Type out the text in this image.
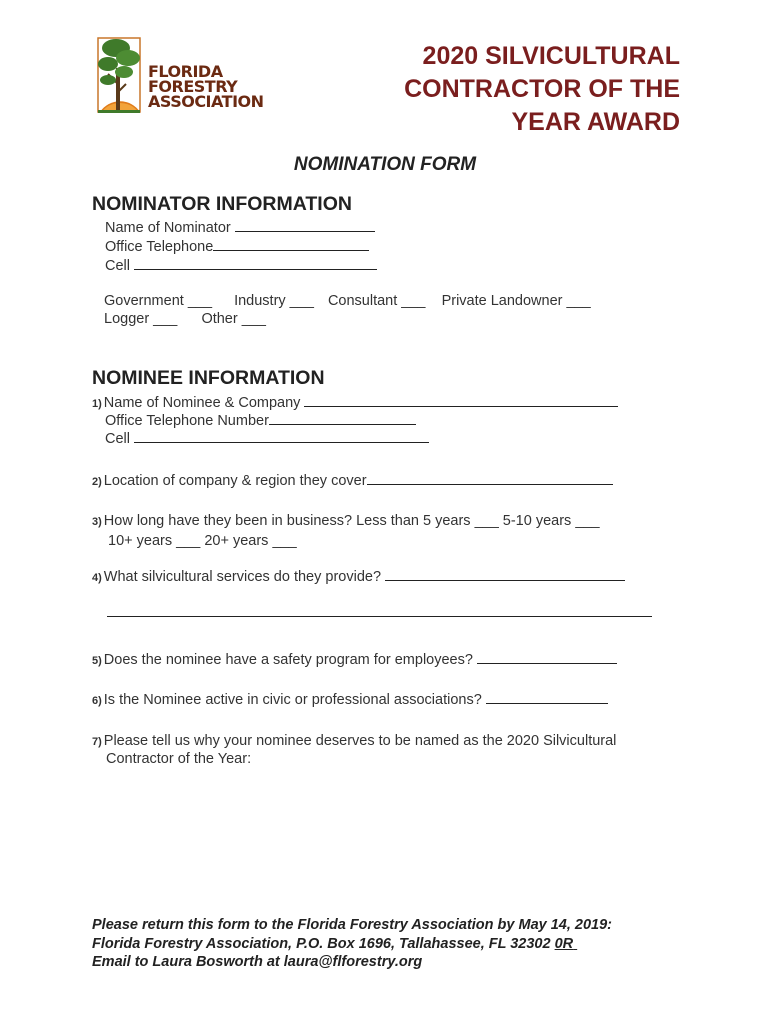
FLORIDA
FORESTRY
ASSOCIATION
2020 SILVICULTURAL
CONTRACTOR OF THE
YEAR AWARD
NOMINATION FORM
NOMINATOR INFORMATION
Name of Nominator
Office Telephone
Cell
Government ___ Industry ___ Consultant ___ Private Landowner ___
Logger ___ Other ___
NOMINEE INFORMATION
1) Name of Nominee & Company
Office Telephone Number
Cell
2) Location of company & region they cover
3) How long have they been in business? Less than 5 years ___ 5-10 years ___
10+ years ___ 20+ years ___
4) What silvicultural services do they provide?
5) Does the nominee have a safety program for employees?
6) Is the Nominee active in civic or professional associations?
7) Please tell us why your nominee deserves to be named as the 2020 Silvicultural
Contractor of the Year:
Please return this form to the Florida Forestry Association by May 14, 2019:
Florida Forestry Association, P.O. Box 1696, Tallahassee, FL 32302 0R
Email to Laura Bosworth at laura@flforestry.org
